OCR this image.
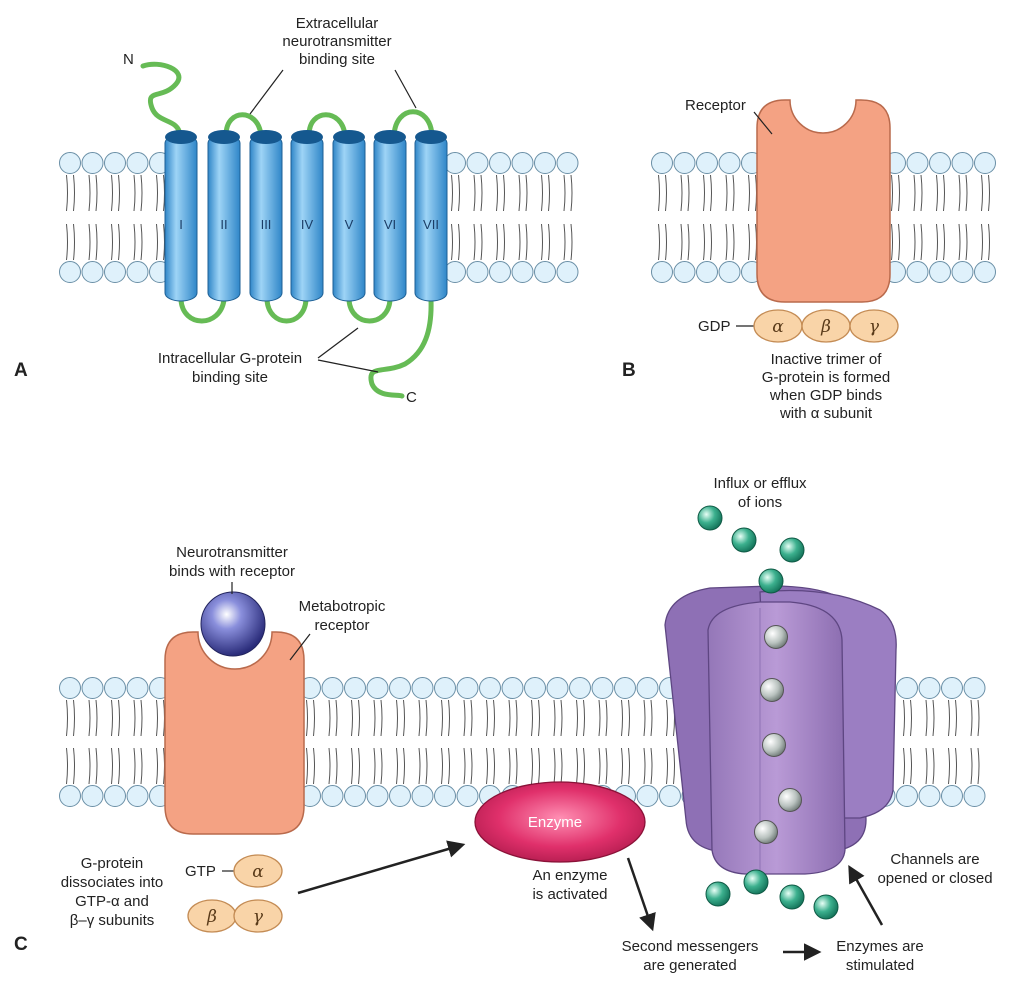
I	II	III IV V VI VII
N
C
Extracellular
neurotransmitter
binding site
Intracellular G-protein
binding site
A
Receptor
GDP α β γ
Inactive trimer of
G-protein is formed
when GDP binds
with α subunit
B
Neurotransmitter
binds with receptor
Metabotropic
receptor
Influx or efflux
of ions
Enzyme
An enzyme
is activated
G-protein
dissociates into
GTP-α and
β–γ subunits
GTP α
β γ
Second messengers
are generated
Enzymes are
stimulated
Channels are
opened or closed
C
